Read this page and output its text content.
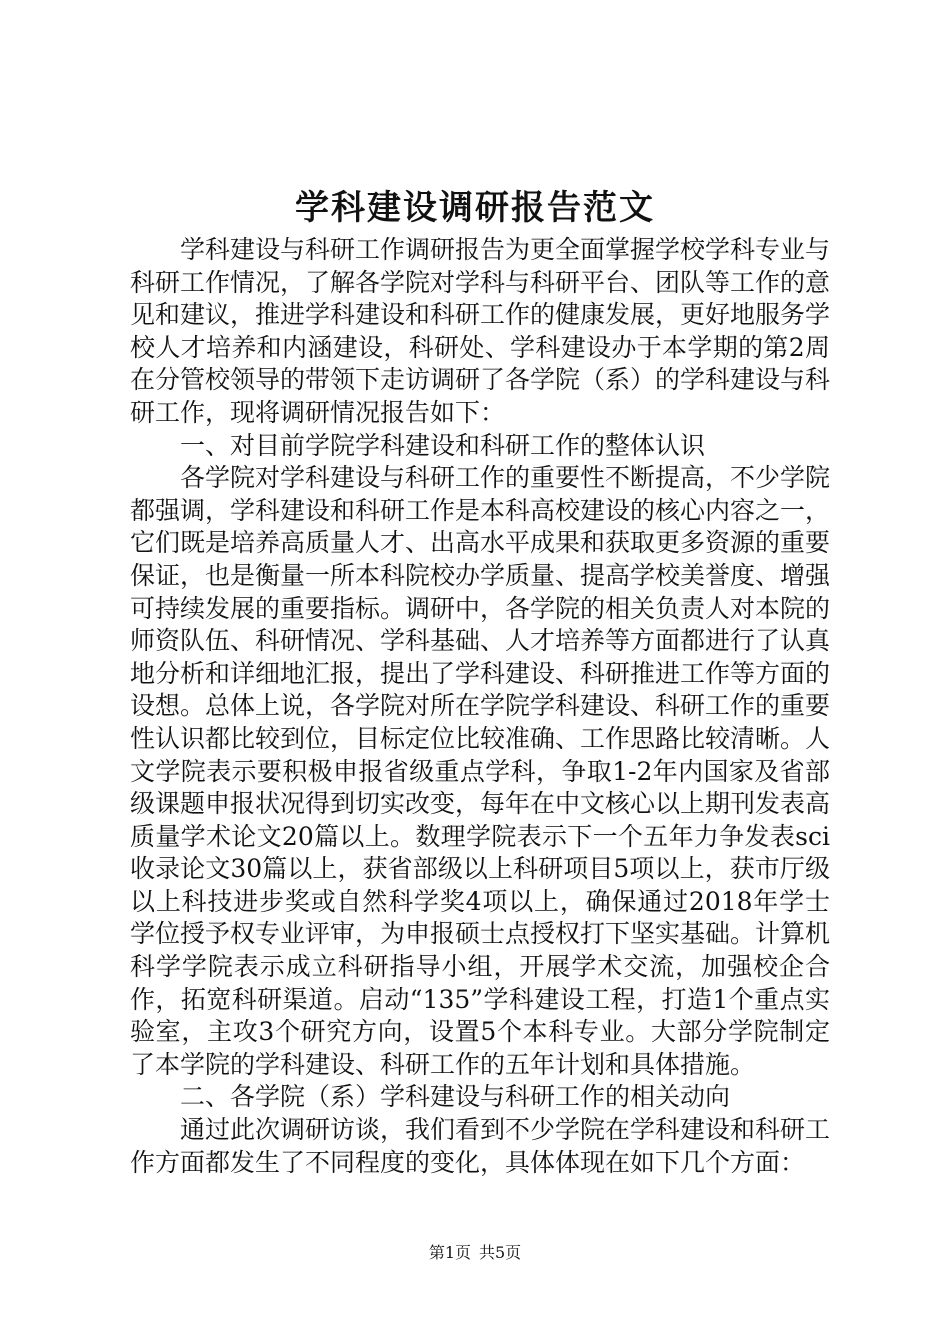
学科建设调研报告范文

学科建设与科研工作调研报告为更全面掌握学校学科专业与科研工作情况，了解各学院对学科与科研平台、团队等工作的意见和建议，推进学科建设和科研工作的健康发展，更好地服务学校人才培养和内涵建设，科研处、学科建设办于本学期的第2周在分管校领导的带领下走访调研了各学院（系）的学科建设与科研工作，现将调研情况报告如下：

一、对目前学院学科建设和科研工作的整体认识

各学院对学科建设与科研工作的重要性不断提高，不少学院都强调，学科建设和科研工作是本科高校建设的核心内容之一，它们既是培养高质量人才、出高水平成果和获取更多资源的重要保证，也是衡量一所本科院校办学质量、提高学校美誉度、增强可持续发展的重要指标。调研中，各学院的相关负责人对本院的师资队伍、科研情况、学科基础、人才培养等方面都进行了认真地分析和详细地汇报，提出了学科建设、科研推进工作等方面的设想。总体上说，各学院对所在学院学科建设、科研工作的重要性认识都比较到位，目标定位比较准确、工作思路比较清晰。人文学院表示要积极申报省级重点学科，争取1-2年内国家及省部级课题申报状况得到切实改变，每年在中文核心以上期刊发表高质量学术论文20篇以上。数理学院表示下一个五年力争发表sci收录论文30篇以上，获省部级以上科研项目5项以上，获市厅级以上科技进步奖或自然科学奖4项以上，确保通过2018年学士学位授予权专业评审，为申报硕士点授权打下坚实基础。计算机科学学院表示成立科研指导小组，开展学术交流，加强校企合作，拓宽科研渠道。启动“135”学科建设工程，打造1个重点实验室，主攻3个研究方向，设置5个本科专业。大部分学院制定了本学院的学科建设、科研工作的五年计划和具体措施。

二、各学院（系）学科建设与科研工作的相关动向

通过此次调研访谈，我们看到不少学院在学科建设和科研工作方面都发生了不同程度的变化，具体体现在如下几个方面：

第1页 共5页
